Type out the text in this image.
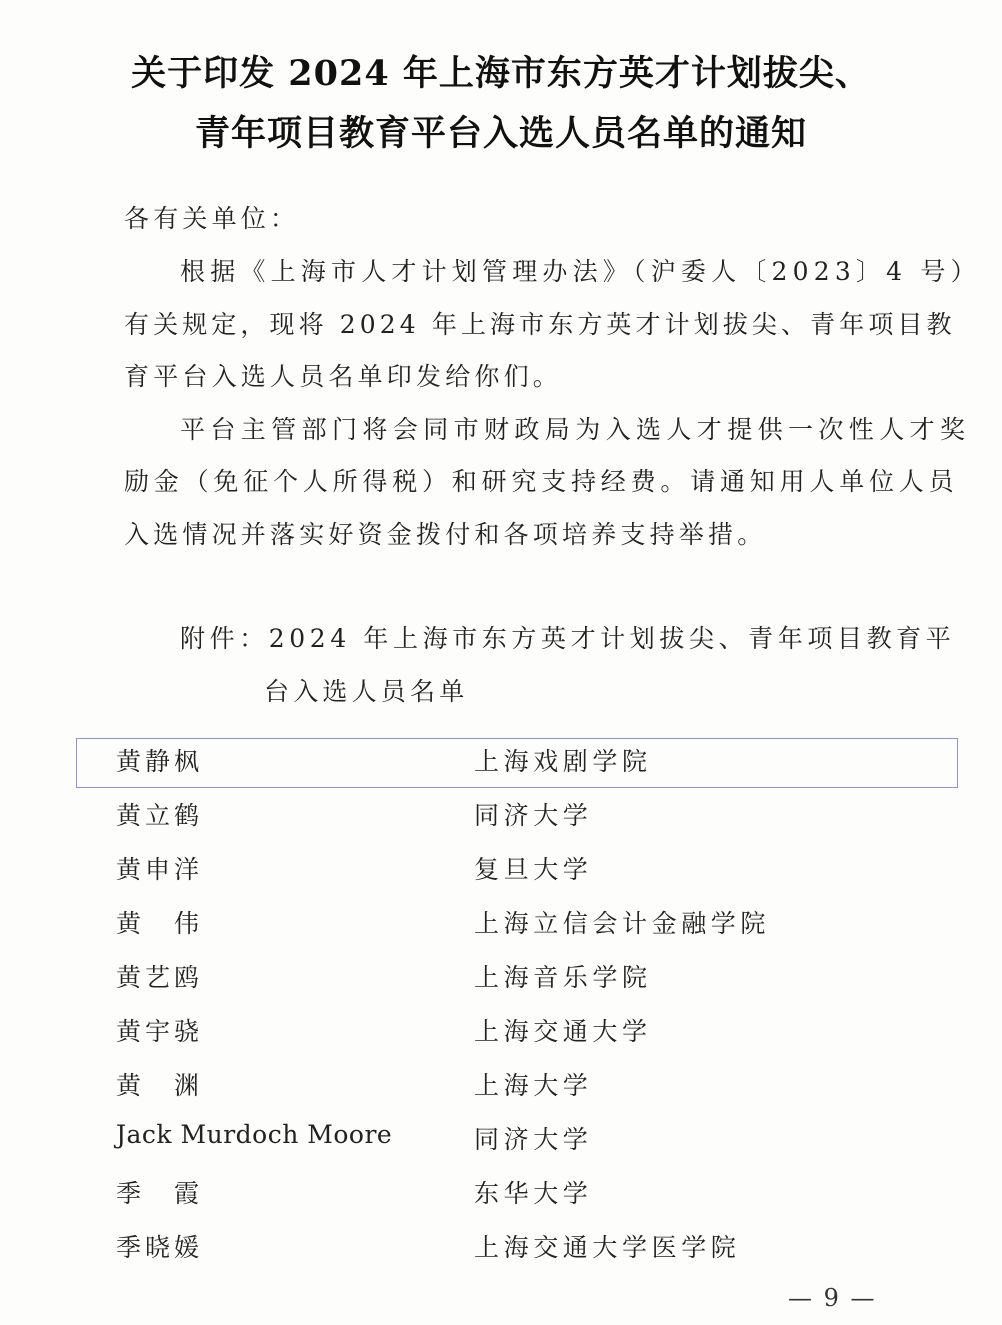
关于印发 2024 年上海市东方英才计划拔尖、
青年项目教育平台入选人员名单的通知
各有关单位：
根据《上海市人才计划管理办法》（沪委人〔2023〕4 号）
有关规定，现将 2024 年上海市东方英才计划拔尖、青年项目教
育平台入选人员名单印发给你们。
平台主管部门将会同市财政局为入选人才提供一次性人才奖
励金（免征个人所得税）和研究支持经费。请通知用人单位人员
入选情况并落实好资金拨付和各项培养支持举措。
附件：2024 年上海市东方英才计划拔尖、青年项目教育平
台入选人员名单
黄静枫	上海戏剧学院
黄立鹤	同济大学
黄申洋	复旦大学
黄　伟	上海立信会计金融学院
黄艺鸥	上海音乐学院
黄宇骁	上海交通大学
黄　渊	上海大学
Jack Murdoch Moore	同济大学
季　霞	东华大学
季晓媛	上海交通大学医学院
— 9 —
